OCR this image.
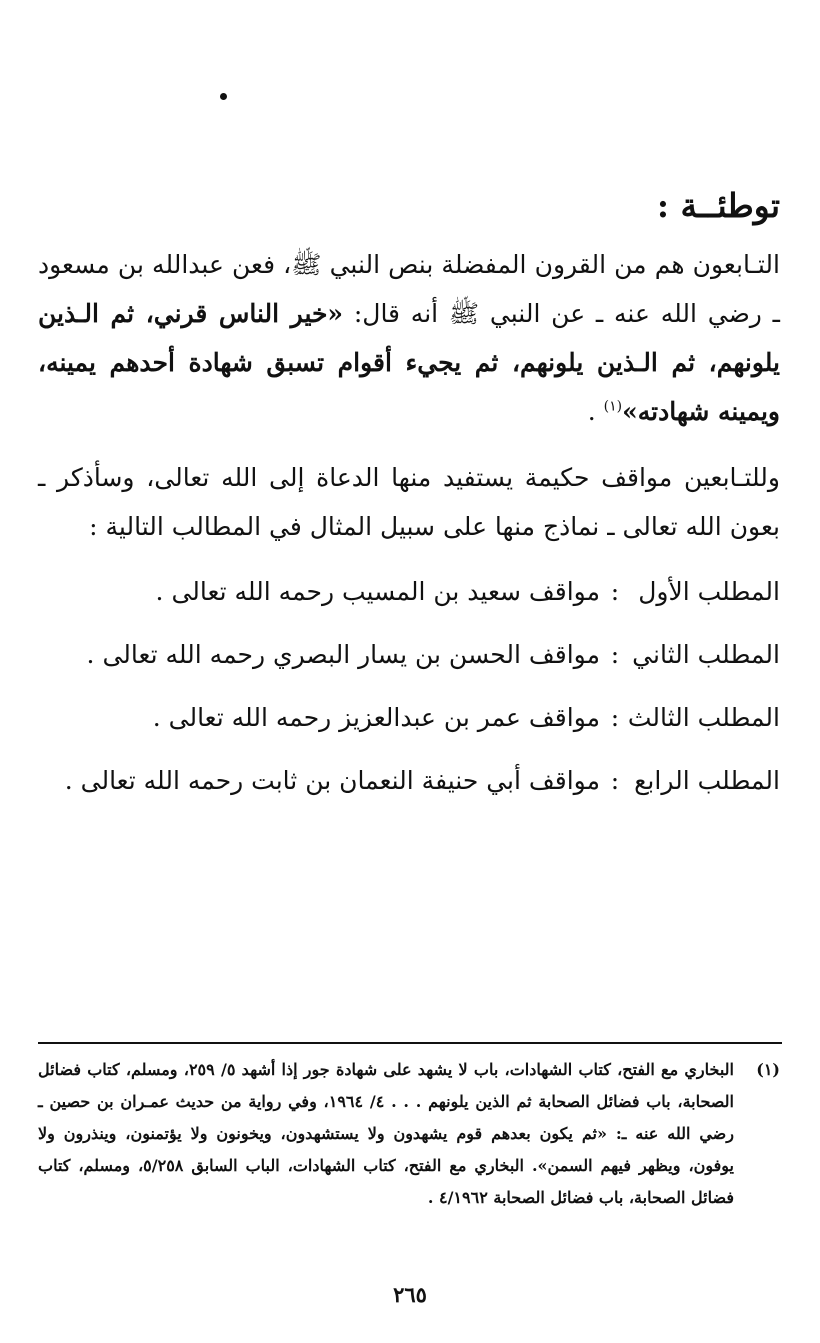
توطئــة :

التـابعون هم من القرون المفضلة بنص النبي ﷺ، فعن عبدالله بن مسعود ـ رضي الله عنه ـ عن النبي ﷺ أنه قال: «خير الناس قرني، ثم الـذين يلونهم، ثم الـذين يلونهم، ثم يجيء أقوام تسبق شهادة أحدهم يمينه، ويمينه شهادته»$^{(١)}$ .

وللتـابعين مواقف حكيمة يستفيد منها الدعاة إلى الله تعالى، وسأذكر ـ بعون الله تعالى ـ نماذج منها على سبيل المثال في المطالب التالية :

المطلب الأول:مواقف سعيد بن المسيب رحمه الله تعالى .
المطلب الثاني:مواقف الحسن بن يسار البصري رحمه الله تعالى .
المطلب الثالث:مواقف عمر بن عبدالعزيز رحمه الله تعالى .
المطلب الرابع:مواقف أبي حنيفة النعمان بن ثابت رحمه الله تعالى .
(١)
البخاري مع الفتح، كتاب الشهادات، باب لا يشهد على شهادة جور إذا أشهد ٥/ ٢٥٩، ومسلم، كتاب فضائل الصحابة، باب فضائل الصحابة ثم الذين يلونهم . . . ٤/ ١٩٦٤، وفي رواية من حديث عمـران بن حصين ـ رضي الله عنه ـ: «ثم يكون بعدهم قوم يشهدون ولا يستشهدون، ويخونون ولا يؤتمنون، وينذرون ولا يوفون، ويظهر فيهم السمن». البخاري مع الفتح، كتاب الشهادات، الباب السابق ٥/٢٥٨، ومسلم، كتاب فضائل الصحابة، باب فضائل الصحابة ٤/١٩٦٢ .
٢٦٥
